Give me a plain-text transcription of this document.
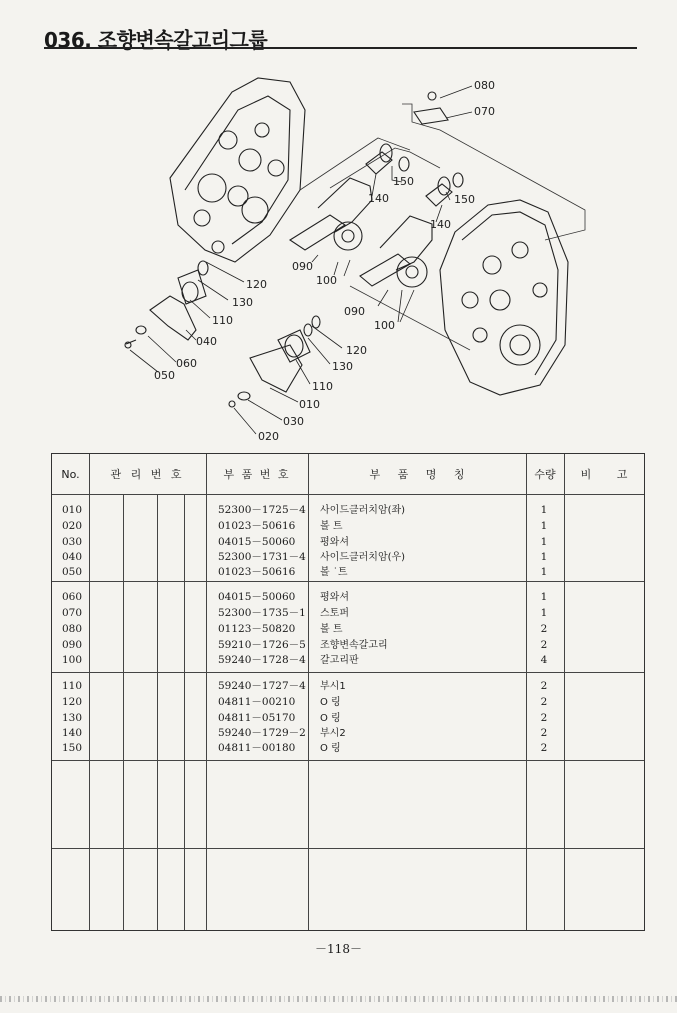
036. 조향변속갈고리그룹
080
070
150
140	150
140
090
100
120
130
110
040
060
050
090
100
120
130
110
010
030
020
No.	관 리 번 호	부 품 번 호	부 품 명 칭	수량	비 고
010	52300－1725－4 사이드클러치암(좌)	1
020	01023－50616 볼 트	1
030	04015－50060 평와셔	1
040	52300－1731－4 사이드클러치암(우)	1
050	01023－50616 볼 ˙트	1
060	04015－50060 평와셔	1
070	52300－1735－1 스토퍼	1
080	01123－50820 볼 트	2
090	59210－1726－5 조향변속갈고리	2
100	59240－1728－4 갈고리판	4
110	59240－1727－4 부시1	2
120	04811－00210 O 링	2
130	04811－05170 O 링	2
140	59240－1729－2 부시2	2
150	04811－00180 O 링	2
－118－
